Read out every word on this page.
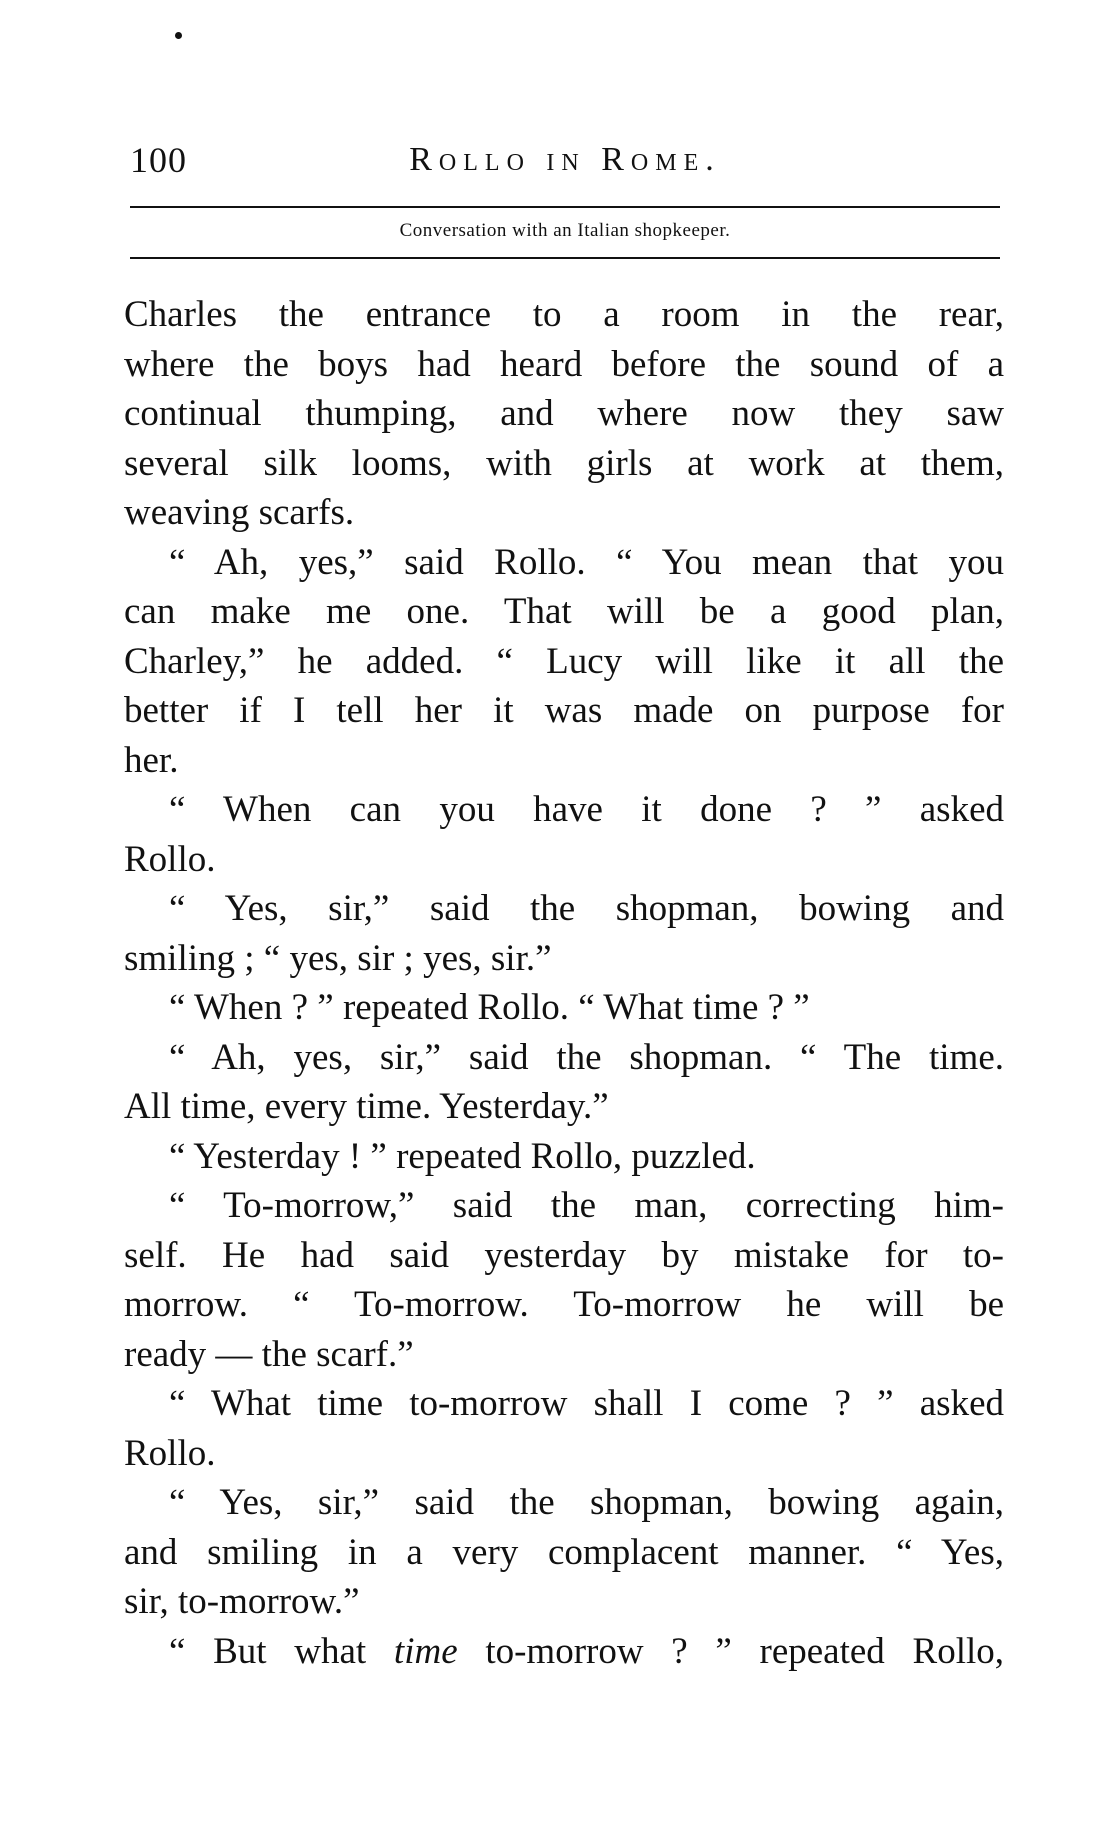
100	Rollo in Rome.
Conversation with an Italian shopkeeper.
Charles the entrance to a room in the rear,
where the boys had heard before the sound of a
continual thumping, and where now they saw
several silk looms, with girls at work at them,
weaving scarfs.
“ Ah, yes,” said Rollo. “ You mean that you
can make me one. That will be a good plan,
Charley,” he added. “ Lucy will like it all the
better if I tell her it was made on purpose for
her.
“ When can you have it done ? ” asked
Rollo.
“ Yes, sir,” said the shopman, bowing and
smiling ; “ yes, sir ; yes, sir.”
“ When ? ” repeated Rollo. “ What time ? ”
“ Ah, yes, sir,” said the shopman. “ The time.
All time, every time. Yesterday.”
“ Yesterday ! ” repeated Rollo, puzzled.
“ To-morrow,” said the man, correcting him-
self. He had said yesterday by mistake for to-
morrow. “ To-morrow. To-morrow he will be
ready — the scarf.”
“ What time to-morrow shall I come ? ” asked
Rollo.
“ Yes, sir,” said the shopman, bowing again,
and smiling in a very complacent manner. “ Yes,
sir, to-morrow.”
“ But what time to-morrow ? ” repeated Rollo,
